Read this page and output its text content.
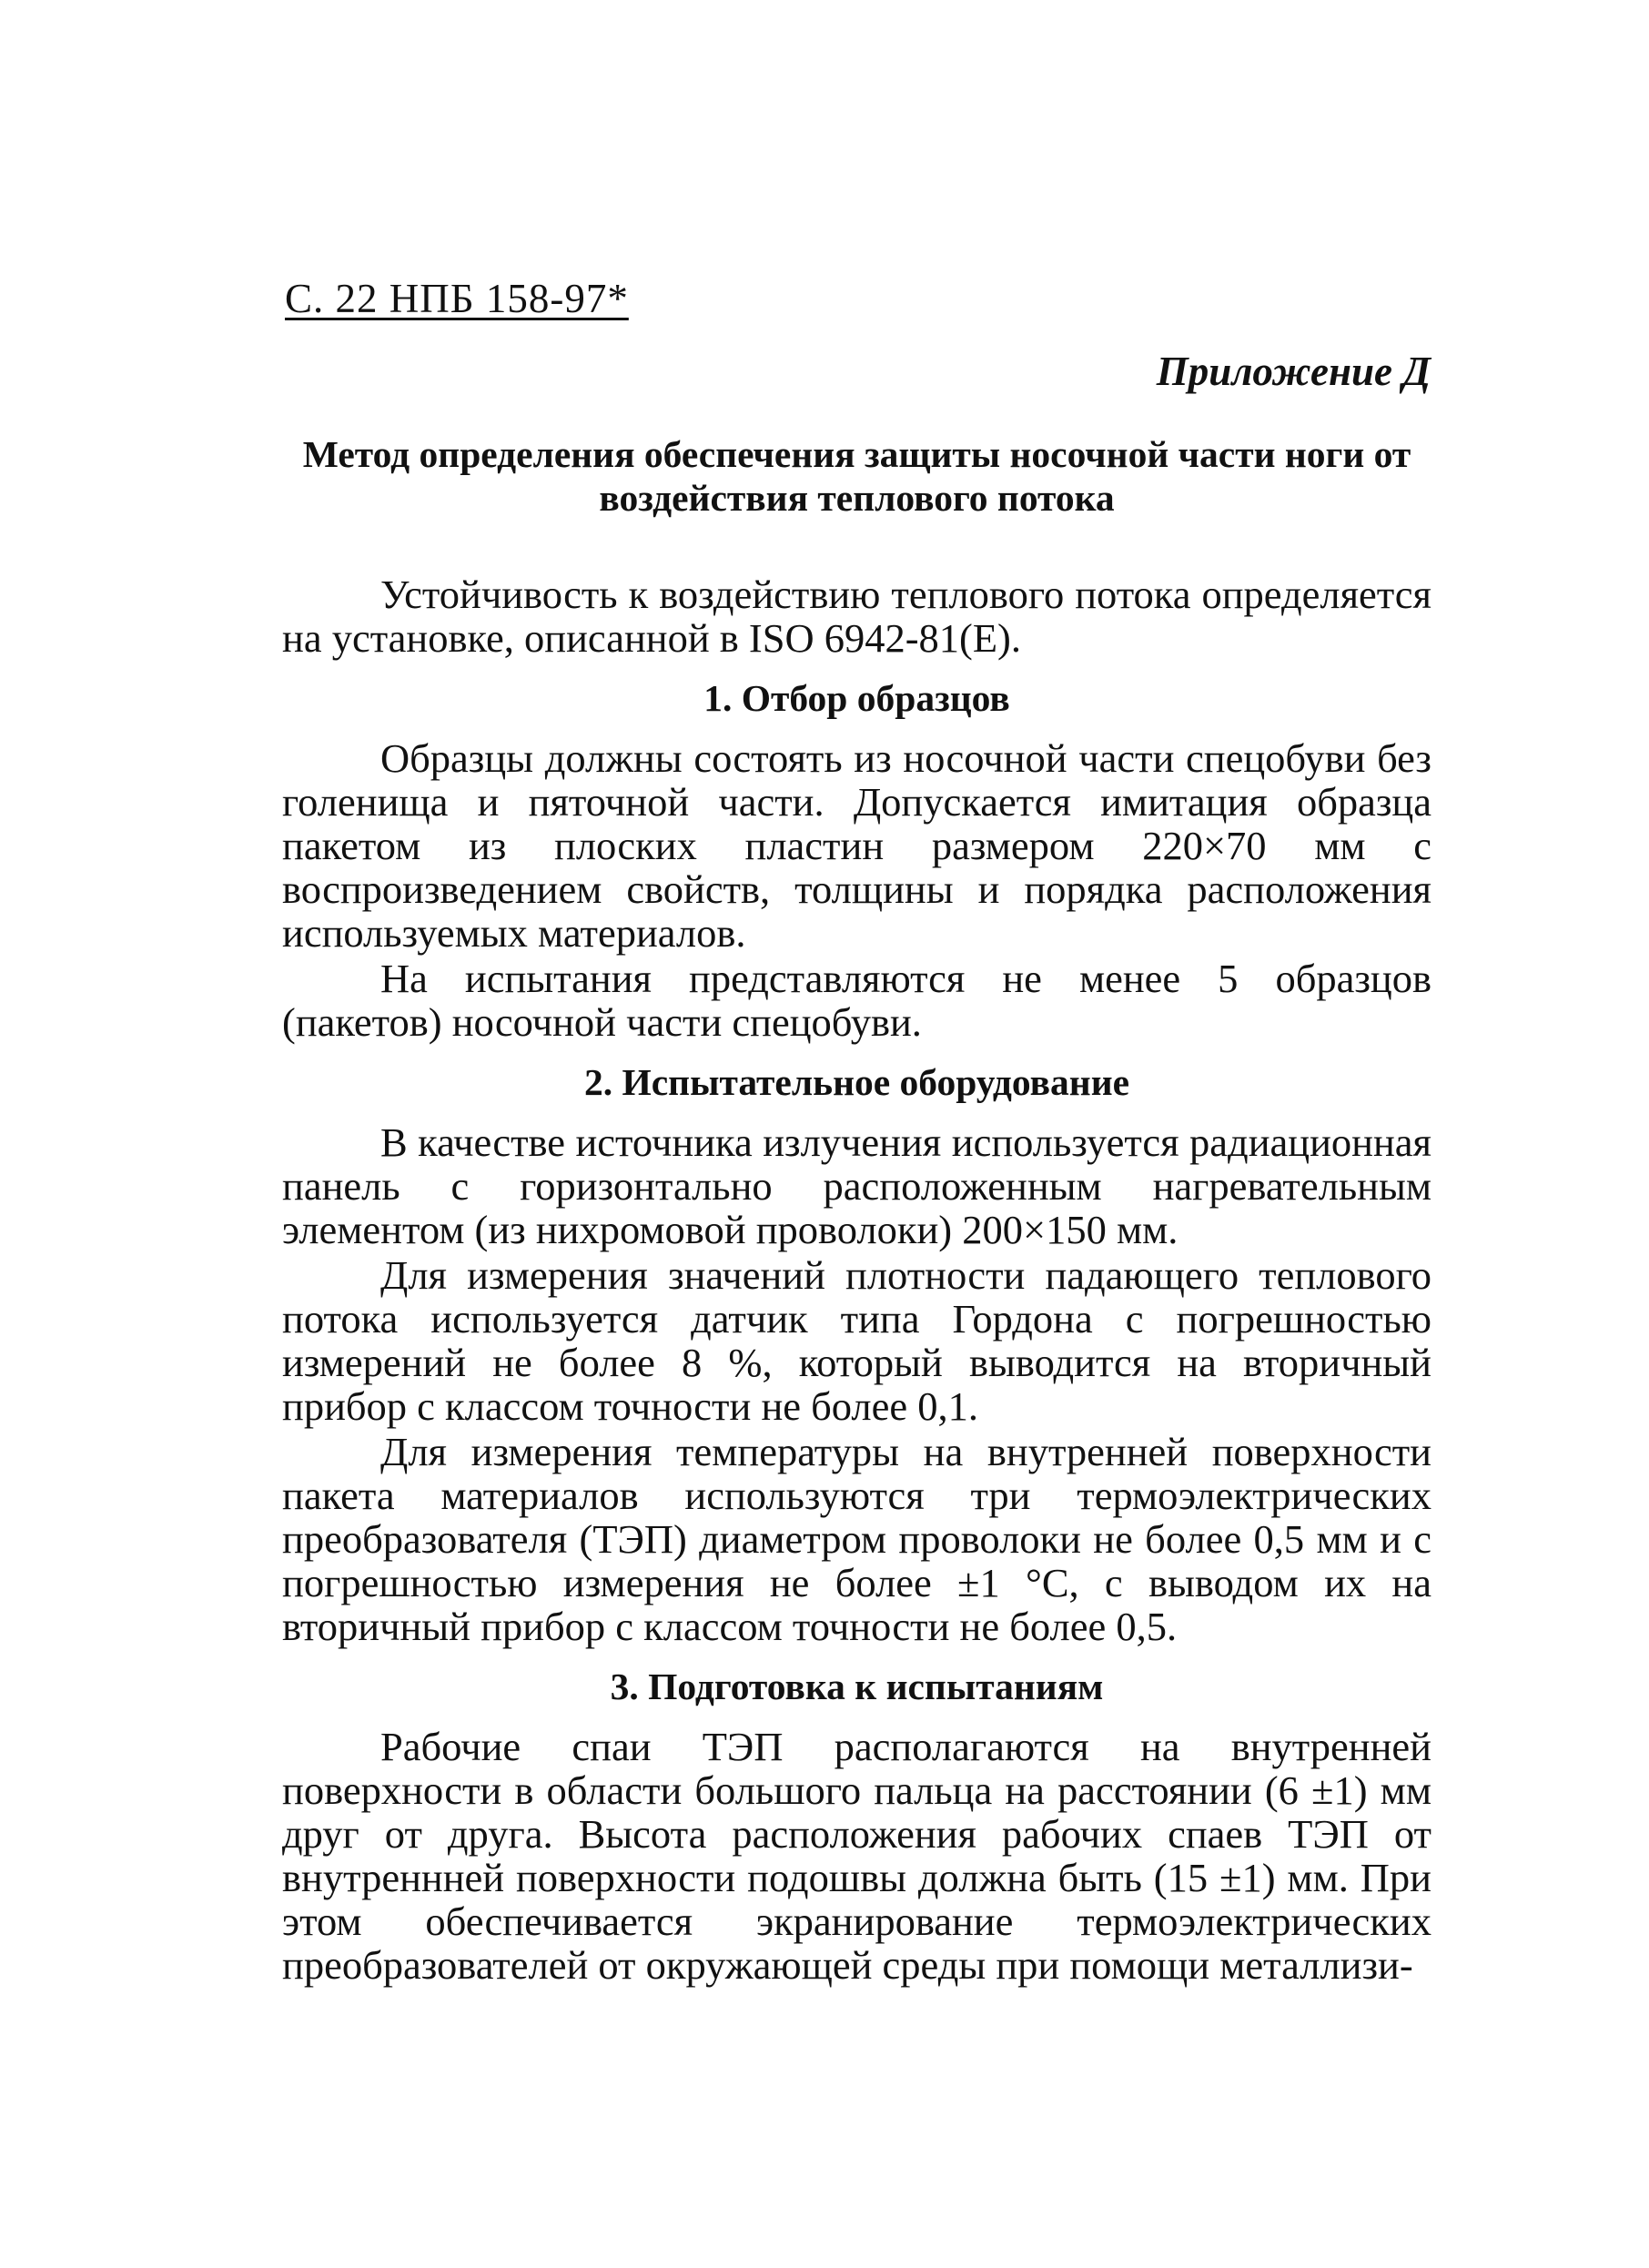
С. 22 НПБ 158-97*
Приложение Д
Метод определения обеспечения защиты носочной части ноги от воздействия теплового потока

Устойчивость к воздействию теплового потока определяется на установке, описанной в ISO 6942-81(E).

1. Отбор образцов

Образцы должны состоять из носочной части спецобуви без голенища и пяточной части. Допускается имитация образца пакетом из плоских пластин размером 220×70 мм с воспроизведением свойств, толщины и порядка расположения используемых материалов.

На испытания представляются не менее 5 образцов (пакетов) носочной части спецобуви.

2. Испытательное оборудование

В качестве источника излучения используется радиационная панель с горизонтально расположенным нагревательным элементом (из нихромовой проволоки) 200×150 мм.

Для измерения значений плотности падающего теплового потока используется датчик типа Гордона с погрешностью измерений не более 8 %, который выводится на вторичный прибор с классом точности не более 0,1.

Для измерения температуры на внутренней поверхности пакета материалов используются три термоэлектрических преобразователя (ТЭП) диаметром проволоки не более 0,5 мм и с погрешностью измерения не более ±1 °С, с выводом их на вторичный прибор с классом точности не более 0,5.

3. Подготовка к испытаниям

Рабочие спаи ТЭП располагаются на внутренней поверхности в области большого пальца на расстоянии (6 ±1) мм друг от друга. Высота расположения рабочих спаев ТЭП от внутреннней поверхности подошвы должна быть (15 ±1) мм. При этом обеспечивается экранирование термоэлектрических преобразователей от окружающей среды при помощи металлизи-
